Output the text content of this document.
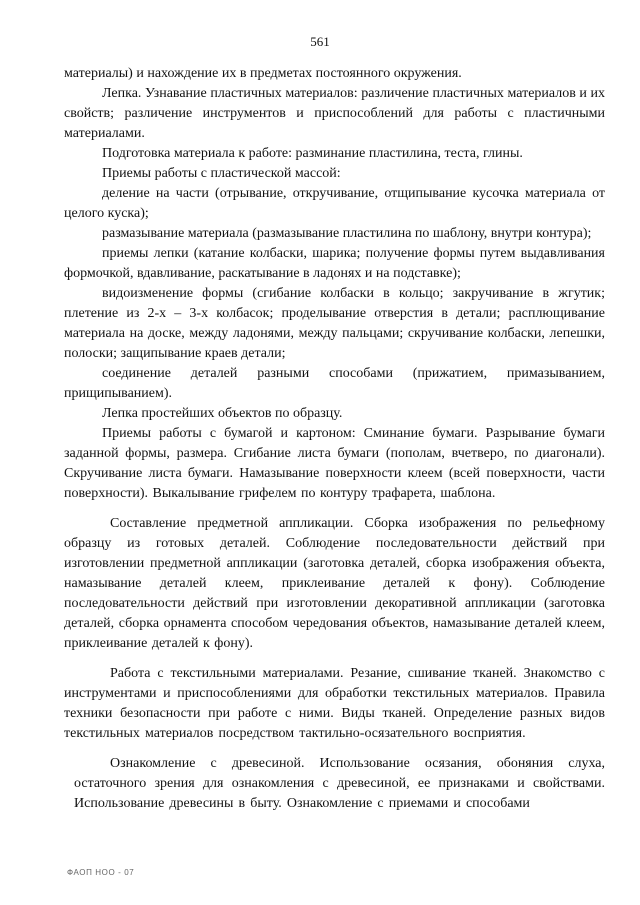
561

материалы) и нахождение их в предметах постоянного окружения.

Лепка. Узнавание пластичных материалов: различение пластичных материалов и их свойств; различение инструментов и приспособлений для работы с пластичными материалами.

Подготовка материала к работе: разминание пластилина, теста, глины.

Приемы работы с пластической массой:

деление на части (отрывание, откручивание, отщипывание кусочка материала от целого куска);

размазывание материала (размазывание пластилина по шаблону, внутри контура);

приемы лепки (катание колбаски, шарика; получение формы путем выдавливания формочкой, вдавливание, раскатывание в ладонях и на подставке);

видоизменение формы (сгибание колбаски в кольцо; закручивание в жгутик; плетение из 2-х – 3-х колбасок; проделывание отверстия в детали; расплющивание материала на доске, между ладонями, между пальцами; скручивание колбаски, лепешки, полоски; защипывание краев детали;

соединение деталей разными способами (прижатием, примазыванием, прищипыванием).

Лепка простейших объектов по образцу.

Приемы работы с бумагой и картоном: Сминание бумаги. Разрывание бумаги заданной формы, размера. Сгибание листа бумаги (пополам, вчетверо, по диагонали). Скручивание листа бумаги. Намазывание поверхности клеем (всей поверхности, части поверхности). Выкалывание грифелем по контуру трафарета, шаблона.

Составление предметной аппликации. Сборка изображения по рельефному образцу из готовых деталей. Соблюдение последовательности действий при изготовлении предметной аппликации (заготовка деталей, сборка изображения объекта, намазывание деталей клеем, приклеивание деталей к фону). Соблюдение последовательности действий при изготовлении декоративной аппликации (заготовка деталей, сборка орнамента способом чередования объектов, намазывание деталей клеем, приклеивание деталей к фону).

Работа с текстильными материалами. Резание, сшивание тканей. Знакомство с инструментами и приспособлениями для обработки текстильных материалов. Правила техники безопасности при работе с ними. Виды тканей. Определение разных видов текстильных материалов посредством тактильно-осязательного восприятия.

Ознакомление с древесиной. Использование осязания, обоняния слуха, остаточного зрения для ознакомления с древесиной, ее признаками и свойствами. Использование древесины в быту. Ознакомление с приемами и способами

ФАОП НОО - 07
